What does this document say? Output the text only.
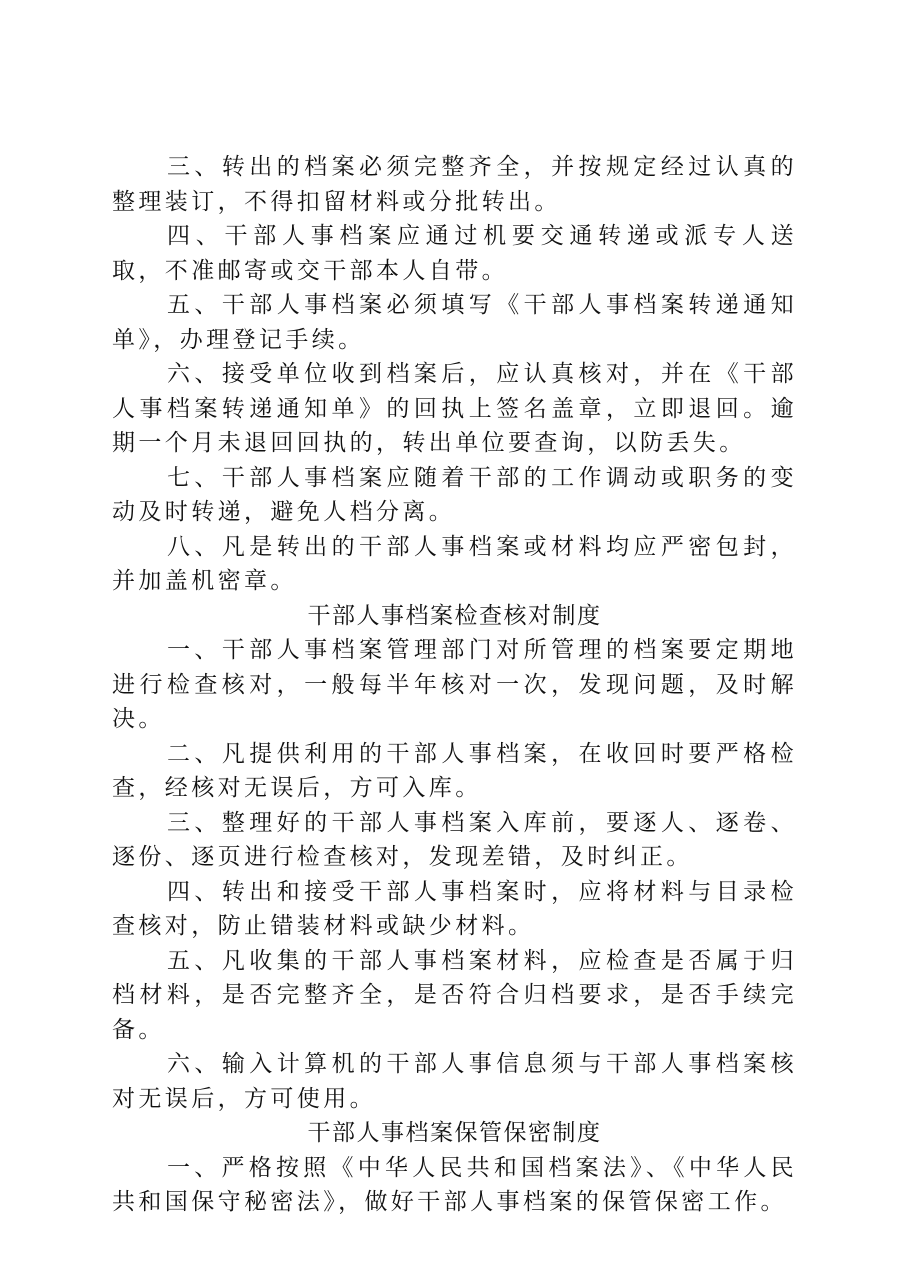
三、转出的档案必须完整齐全，并按规定经过认真的整理装订，不得扣留材料或分批转出。

四、干部人事档案应通过机要交通转递或派专人送取，不准邮寄或交干部本人自带。

五、干部人事档案必须填写《干部人事档案转递通知单》，办理登记手续。

六、接受单位收到档案后，应认真核对，并在《干部人事档案转递通知单》的回执上签名盖章，立即退回。逾期一个月未退回回执的，转出单位要查询，以防丢失。

七、干部人事档案应随着干部的工作调动或职务的变动及时转递，避免人档分离。

八、凡是转出的干部人事档案或材料均应严密包封，并加盖机密章。

干部人事档案检查核对制度

一、干部人事档案管理部门对所管理的档案要定期地进行检查核对，一般每半年核对一次，发现问题，及时解决。

二、凡提供利用的干部人事档案，在收回时要严格检查，经核对无误后，方可入库。

三、整理好的干部人事档案入库前，要逐人、逐卷、逐份、逐页进行检查核对，发现差错，及时纠正。

四、转出和接受干部人事档案时，应将材料与目录检查核对，防止错装材料或缺少材料。

五、凡收集的干部人事档案材料，应检查是否属于归档材料，是否完整齐全，是否符合归档要求，是否手续完备。

六、输入计算机的干部人事信息须与干部人事档案核对无误后，方可使用。

干部人事档案保管保密制度

一、严格按照《中华人民共和国档案法》、《中华人民共和国保守秘密法》，做好干部人事档案的保管保密工作。
